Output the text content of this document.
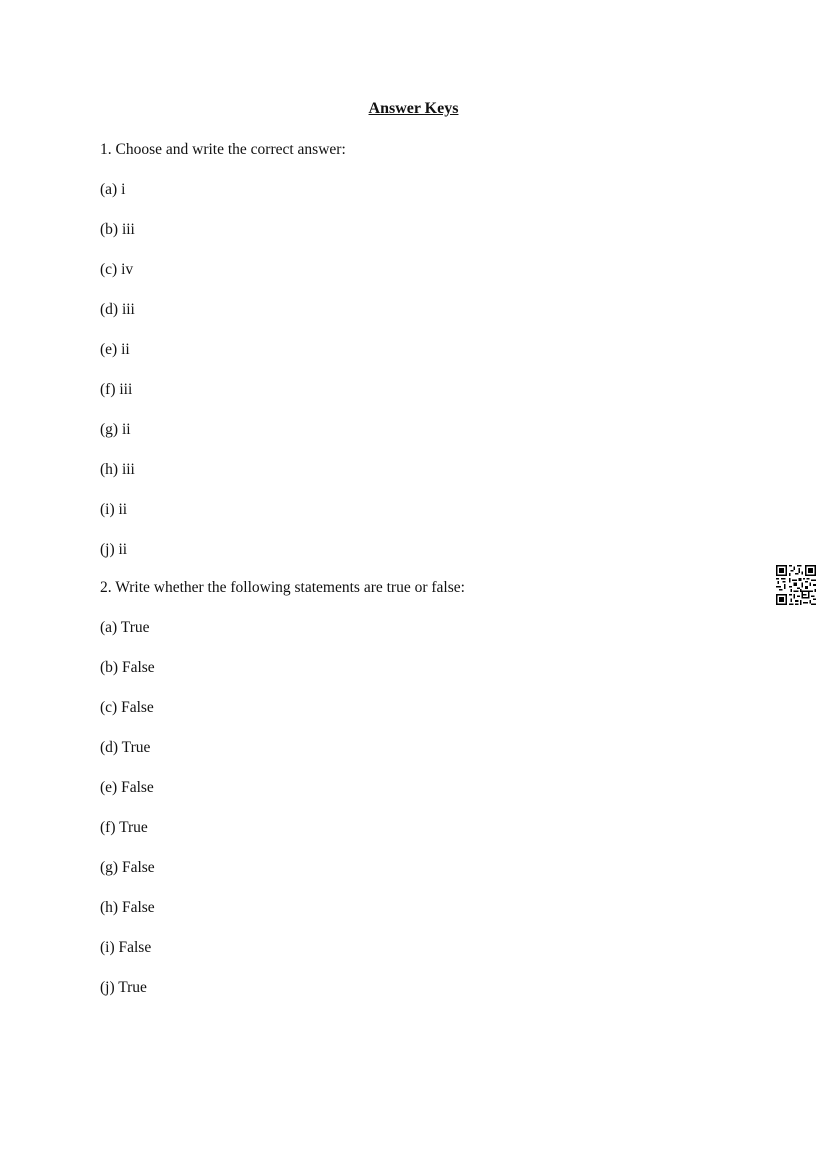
Answer Keys
1. Choose and write the correct answer:
(a) i
(b) iii
(c) iv
(d) iii
(e) ii
(f) iii
(g) ii
(h) iii
(i) ii
(j) ii
2. Write whether the following statements are true or false:
(a) True
(b) False
(c) False
(d) True
(e) False
(f) True
(g) False
(h) False
(i) False
(j) True
